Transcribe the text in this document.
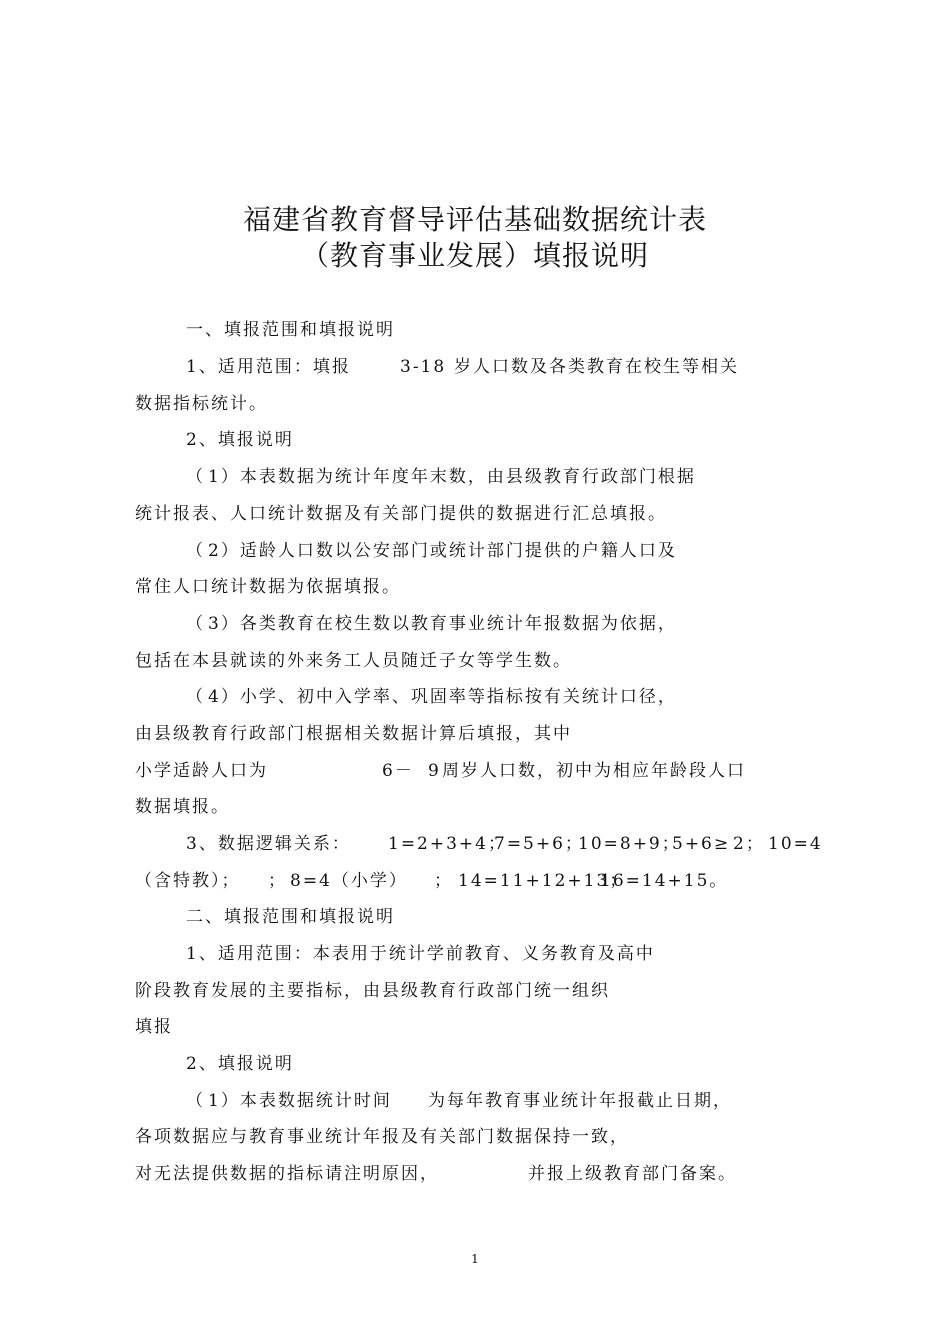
福建省教育督导评估基础数据统计表
（教育事业发展）填报说明
一、填报范围和填报说明
1、适用范围：填报	3-18 岁人口数及各类教育在校生等相关
数据指标统计。
2、填报说明
（ 1）本表数据为统计年度年末数，由县级教育行政部门根据
统计报表、人口统计数据及有关部门提供的数据进行汇总填报。
（ 2）适龄人口数以公安部门或统计部门提供的户籍人口及
常住人口统计数据为依据填报。
（ 3）各类教育在校生数以教育事业统计年报数据为依据，
包括在本县就读的外来务工人员随迁子女等学生数。
（ 4）小学、初中入学率、巩固率等指标按有关统计口径，
由县级教育行政部门根据相关数据计算后填报，其中
小学适龄人口为	6－ 9 周岁人口数，初中为相应年龄段人口
数据填报。
3、数据逻辑关系： 1=2+3+4；
7=5+6；
10=8+9；
5+6≥ 2； 10=4
（含特教）； ； 8=4（小学） ； 14=11+12+13；
16=14+15。
二、填报范围和填报说明
1、适用范围：本表用于统计学前教育、义务教育及高中
阶段教育发展的主要指标，由县级教育行政部门统一组织
填报
2、填报说明
（ 1）本表数据统计时间 为每年教育事业统计年报截止日期，
各项数据应与教育事业统计年报及有关部门数据保持一致，
对无法提供数据的指标请注明原因，	并报上级教育部门备案。
1
